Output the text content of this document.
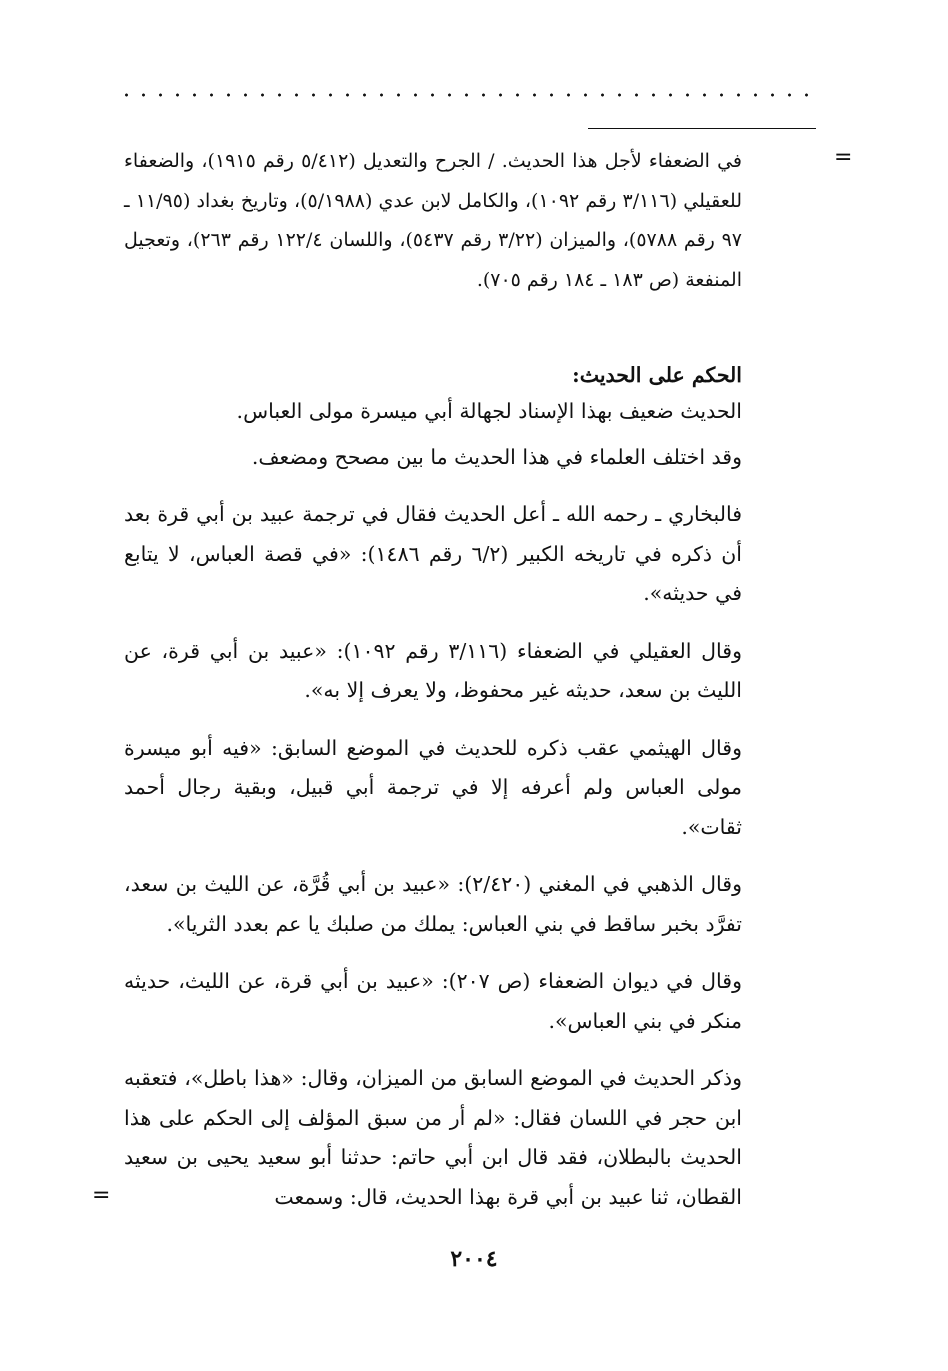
=

في الضعفاء لأجل هذا الحديث. / الجرح والتعديل (٥/٤١٢ رقم ١٩١٥)، والضعفاء للعقيلي (٣/١١٦ رقم ١٠٩٢)، والكامل لابن عدي (٥/١٩٨٨)، وتاريخ بغداد (١١/٩٥ ـ ٩٧ رقم ٥٧٨٨)، والميزان (٣/٢٢ رقم ٥٤٣٧)، واللسان ١٢٢/٤ رقم ٢٦٣)، وتعجيل المنفعة (ص ١٨٣ ـ ١٨٤ رقم ٧٠٥).

الحكم على الحديث:

الحديث ضعيف بهذا الإسناد لجهالة أبي ميسرة مولى العباس.

وقد اختلف العلماء في هذا الحديث ما بين مصحح ومضعف.

فالبخاري ـ رحمه الله ـ أعل الحديث فقال في ترجمة عبيد بن أبي قرة بعد أن ذكره في تاريخه الكبير (٦/٢ رقم ١٤٨٦): «في قصة العباس، لا يتابع في حديثه».

وقال العقيلي في الضعفاء (٣/١١٦ رقم ١٠٩٢): «عبيد بن أبي قرة، عن الليث بن سعد، حديثه غير محفوظ، ولا يعرف إلا به».

وقال الهيثمي عقب ذكره للحديث في الموضع السابق: «فيه أبو ميسرة مولى العباس ولم أعرفه إلا في ترجمة أبي قبيل، وبقية رجال أحمد ثقات».

وقال الذهبي في المغني (٢/٤٢٠): «عبيد بن أبي قُرَّة، عن الليث بن سعد، تفرَّد بخبر ساقط في بني العباس: يملك من صلبك يا عم بعدد الثريا».

وقال في ديوان الضعفاء (ص ٢٠٧): «عبيد بن أبي قرة، عن الليث، حديثه منكر في بني العباس».

وذكر الحديث في الموضع السابق من الميزان، وقال: «هذا باطل»، فتعقبه ابن حجر في اللسان فقال: «لم أر من سبق المؤلف إلى الحكم على هذا الحديث بالبطلان، فقد قال ابن أبي حاتم: حدثنا أبو سعيد يحيى بن سعيد القطان، ثنا عبيد بن أبي قرة بهذا الحديث، قال: وسمعت

=
٢٠٠٤
